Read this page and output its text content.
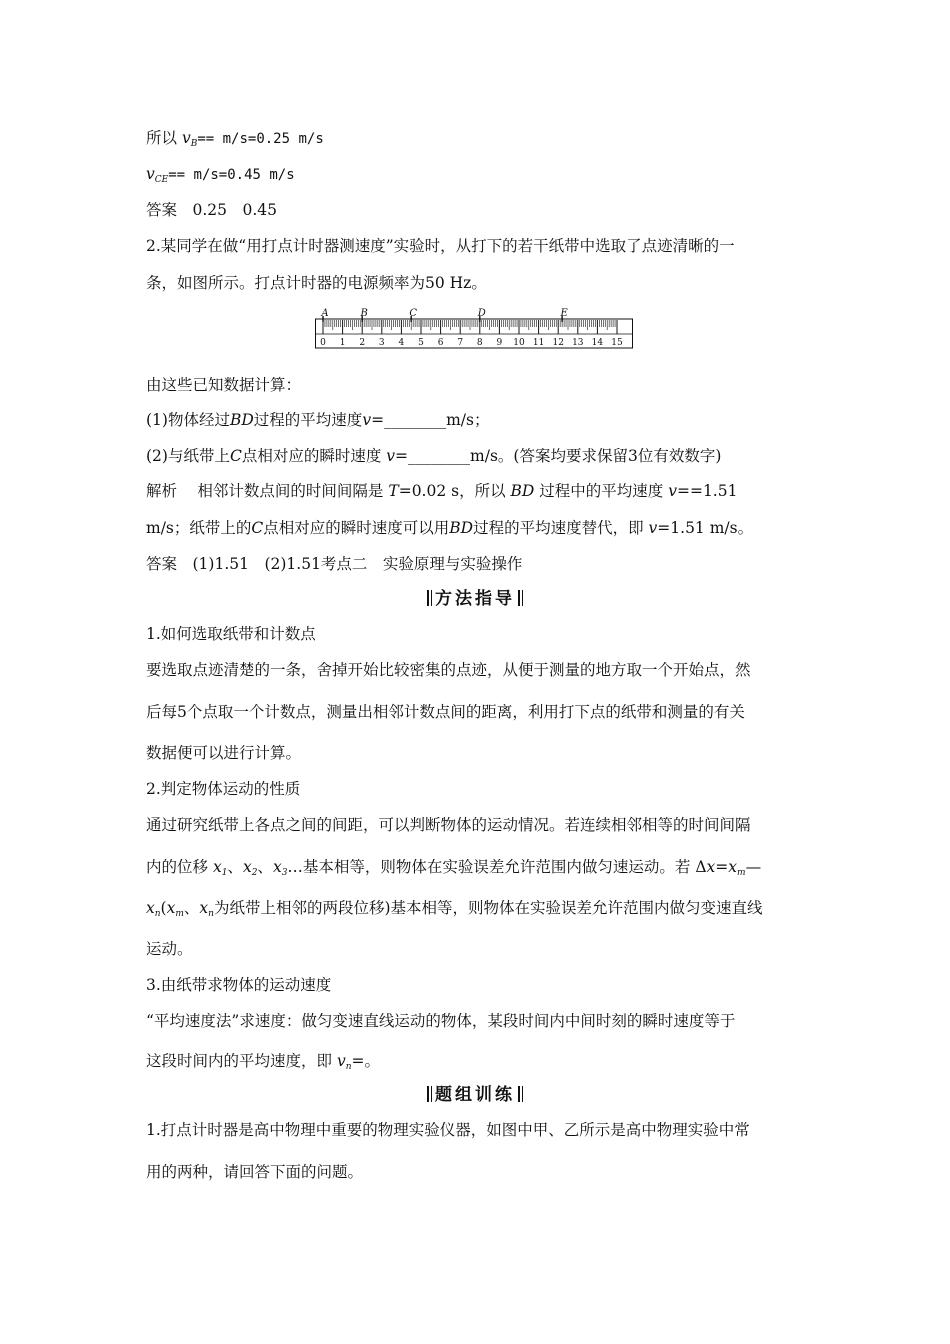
所以 $v_B== m/s=0.25$ m/s
$v_{CE}== m/s=0.45$ m/s
答案　0.25　0.45
2.某同学在做“用打点计时器测速度”实验时，从打下的若干纸带中选取了点迹清晰的一
条，如图所示。打点计时器的电源频率为50 Hz。
0 1 2 3 4 5 6 7 8 9 10 11 12 13 14 15
A	B	C	D	E
由这些已知数据计算：
(1)物体经过BD过程的平均速度v=________m/s；
(2)与纸带上C点相对应的瞬时速度 v=________m/s。(答案均要求保留3位有效数字)
解析　 相邻计数点间的时间间隔是 T=0.02 s，所以 BD 过程中的平均速度 v==1.51
m/s；纸带上的C点相对应的瞬时速度可以用BD过程的平均速度替代，即 v=1.51 m/s。
答案　(1)1.51　(2)1.51考点二　实验原理与实验操作
方法指导
1.如何选取纸带和计数点
要选取点迹清楚的一条，舍掉开始比较密集的点迹，从便于测量的地方取一个开始点，然
后每5个点取一个计数点，测量出相邻计数点间的距离，利用打下点的纸带和测量的有关
数据便可以进行计算。
2.判定物体运动的性质
通过研究纸带上各点之间的间距，可以判断物体的运动情况。若连续相邻相等的时间间隔
内的位移 $x_1$、$x_2$、$x_3\dots$基本相等，则物体在实验误差允许范围内做匀速运动。若 $\Delta x=x_m—$
$x_n(x_m$、$x_n$为纸带上相邻的两段位移)基本相等，则物体在实验误差允许范围内做匀变速直线
运动。
3.由纸带求物体的运动速度
“平均速度法”求速度：做匀变速直线运动的物体，某段时间内中间时刻的瞬时速度等于
这段时间内的平均速度，即 $v_n=$。
题组训练
1.打点计时器是高中物理中重要的物理实验仪器，如图中甲、乙所示是高中物理实验中常
用的两种，请回答下面的问题。
